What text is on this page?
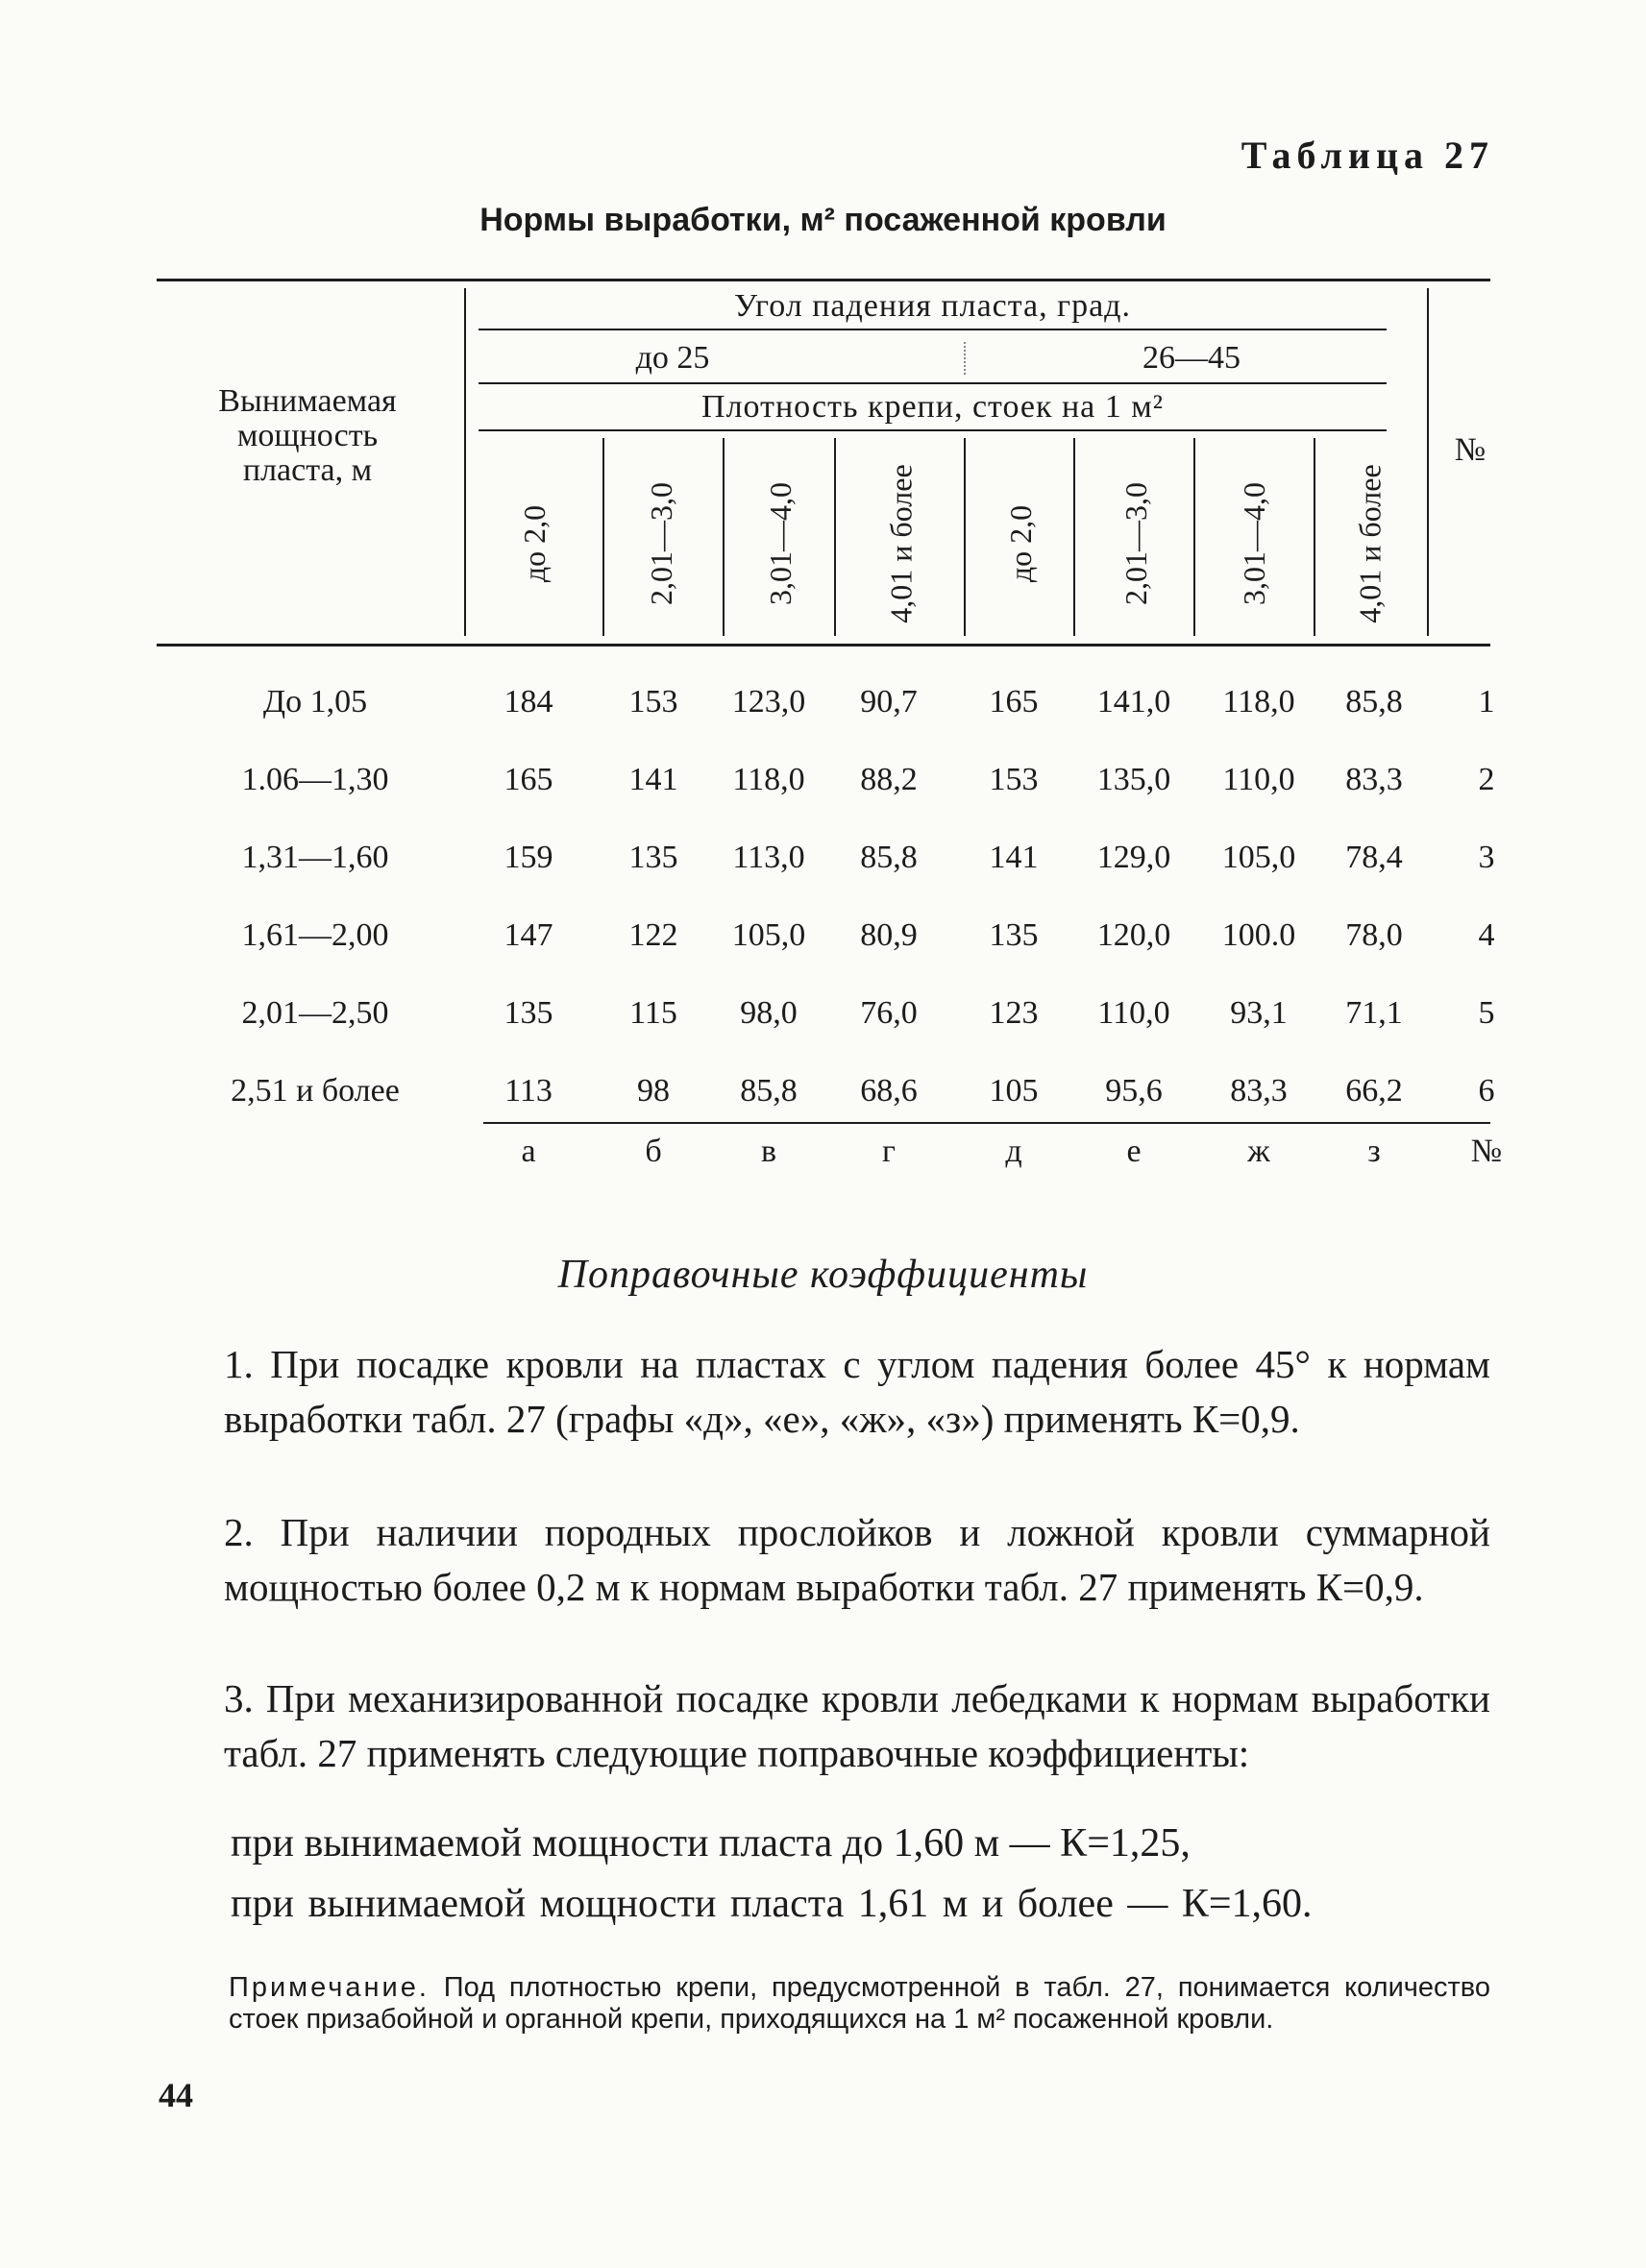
Таблица 27
Нормы выработки, м² посаженной кровли
Вынимаемая мощность пласта, м
Угол падения пласта, град.
до 25	26—45
Плотность крепи, стоек на 1 м²
№
до 2,0	2,01—3,0	3,01—4,0	4,01 и более	до 2,0	2,01—3,0	3,01—4,0	4,01 и более
До 1,05	184	153	123,0	90,7	165	141,0	118,0	85,8	1
1.06—1,30	165	141	118,0	88,2	153	135,0	110,0	83,3	2
1,31—1,60	159	135	113,0	85,8	141	129,0	105,0	78,4	3
1,61—2,00	147	122	105,0	80,9	135	120,0	100.0	78,0	4
2,01—2,50	135	115	98,0	76,0	123	110,0	93,1	71,1	5
2,51 и более	113	98	85,8	68,6	105	95,6	83,3	66,2	6
а	б	в	г	д	е	ж	з	№
Поправочные коэффициенты
1. При посадке кровли на пластах с углом падения более 45° к нормам выработки табл. 27 (графы «д», «е», «ж», «з») применять К=0,9.
2. При наличии породных прослойков и ложной кровли суммарной мощностью более 0,2 м к нормам выработки табл. 27 применять К=0,9.
3. При механизированной посадке кровли лебедками к нормам выработки табл. 27 применять следующие поправочные коэффициенты:
при вынимаемой мощности пласта до 1,60 м — К=1,25,
при вынимаемой мощности пласта 1,61 м и более — К=1,60.
Примечание. Под плотностью крепи, предусмотренной в табл. 27, понимается количество стоек призабойной и органной крепи, приходящихся на 1 м² посаженной кровли.
44
